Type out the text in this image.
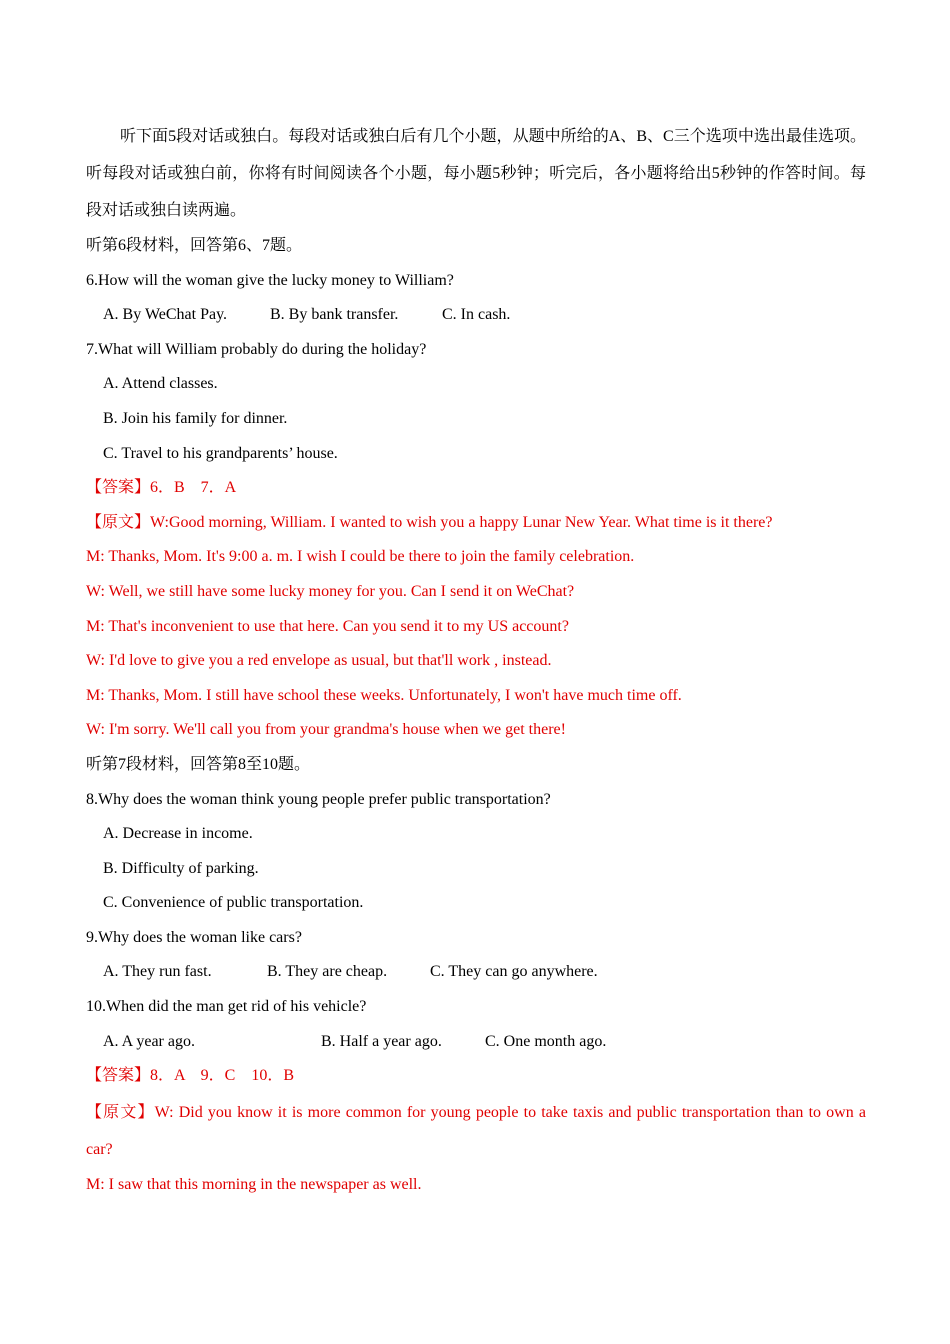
听下面5段对话或独白。每段对话或独白后有几个小题，从题中所给的A、B、C三个选项中选出最佳选项。听每段对话或独白前，你将有时间阅读各个小题，每小题5秒钟；听完后，各小题将给出5秒钟的作答时间。每段对话或独白读两遍。

听第6段材料，回答第6、7题。

6.How will the woman give the lucky money to William?

A. By WeChat Pay.	B. By bank transfer.	C. In cash.

7.What will William probably do during the holiday?

A. Attend classes.

B. Join his family for dinner.

C. Travel to his grandparents’ house.

【答案】6．B　7．A

【原文】W:Good morning, William. I wanted to wish you a happy Lunar New Year. What time is it there?

M: Thanks, Mom. It's 9:00 a. m. I wish I could be there to join the family celebration.

W: Well, we still have some lucky money for you. Can I send it on WeChat?

M: That's inconvenient to use that here. Can you send it to my US account?

W: I'd love to give you a red envelope as usual, but that'll work , instead.

M: Thanks, Mom. I still have school these weeks. Unfortunately, I won't have much time off.

W: I'm sorry. We'll call you from your grandma's house when we get there!

听第7段材料，回答第8至10题。

8.Why does the woman think young people prefer public transportation?

A. Decrease in income.

B. Difficulty of parking.

C. Convenience of public transportation.

9.Why does the woman like cars?

A. They run fast.	B. They are cheap.	C. They can go anywhere.

10.When did the man get rid of his vehicle?

A. A year ago.	B. Half a year ago.	C. One month ago.

【答案】8．A　9．C　10．B

【原文】W: Did you know it is more common for young people to take taxis and public transportation than to own a car?

M: I saw that this morning in the newspaper as well.
